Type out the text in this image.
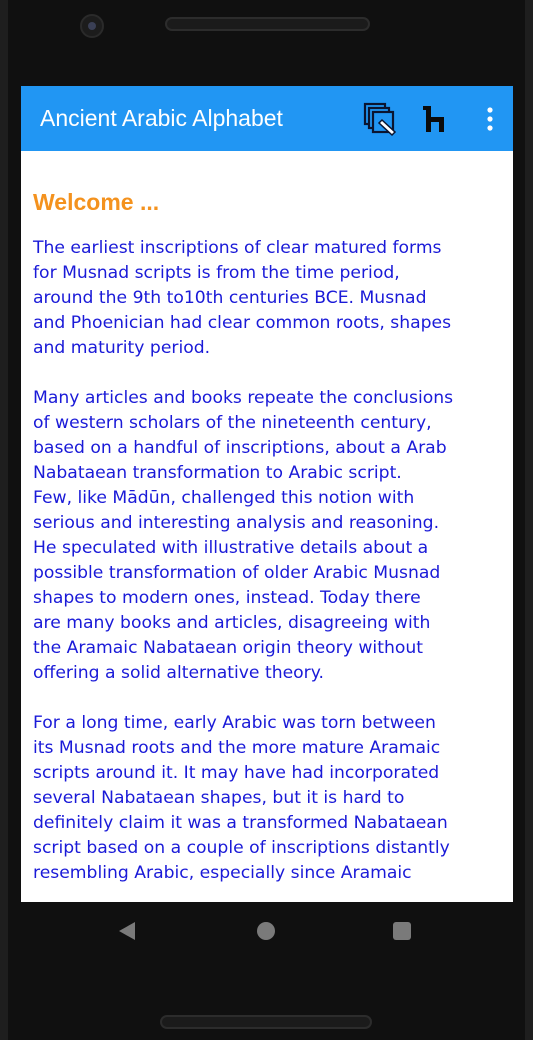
Ancient Arabic Alphabet
Welcome ...

The earliest inscriptions of clear matured forms
for Musnad scripts is from the time period,
around the 9th to10th centuries BCE. Musnad
and Phoenician had clear common roots, shapes
and maturity period.

Many articles and books repeate the conclusions
of western scholars of the nineteenth century,
based on a handful of inscriptions, about a Arab
Nabataean transformation to Arabic script.
Few, like Mādūn, challenged this notion with
serious and interesting analysis and reasoning.
He speculated with illustrative details about a
possible transformation of older Arabic Musnad
shapes to modern ones, instead. Today there
are many books and articles, disagreeing with
the Aramaic Nabataean origin theory without
offering a solid alternative theory.

For a long time, early Arabic was torn between
its Musnad roots and the more mature Aramaic
scripts around it. It may have had incorporated
several Nabataean shapes, but it is hard to
definitely claim it was a transformed Nabataean
script based on a couple of inscriptions distantly
resembling Arabic, especially since Aramaic
